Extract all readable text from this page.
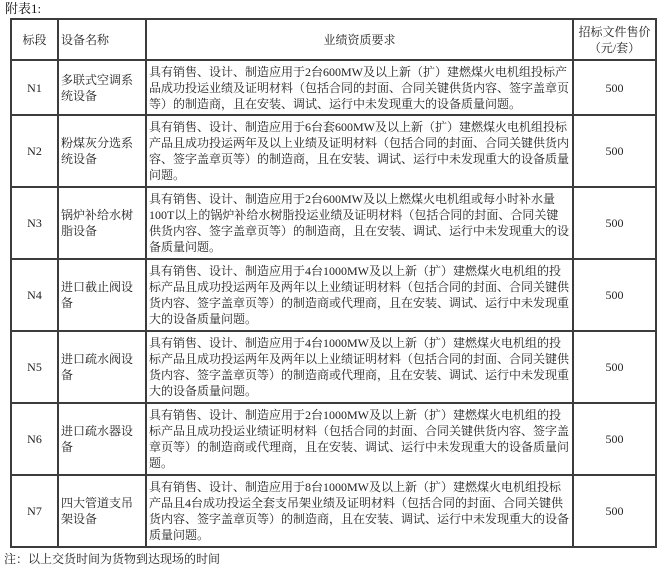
附表1:
标段	设备名称	业绩资质要求	招标文件售价
（元/套）

N1	多联式空调系统设备	具有销售、设计、制造应用于2台600MW及以上新（扩）建燃煤火电机组投标产品成功投运业绩及证明材料（包括合同的封面、合同关键供货内容、签字盖章页等）的制造商，且在安装、调试、运行中未发现重大的设备质量问题。	500
N2	粉煤灰分选系统设备	具有销售、设计、制造应用于6台套600MW及以上新（扩）建燃煤火电机组投标产品且成功投运两年及以上业绩及证明材料（包括合同的封面、合同关键供货内容、签字盖章页等）的制造商，且在安装、调试、运行中未发现重大的设备质量问题。	500
N3	锅炉补给水树脂设备	具有销售、设计、制造应用于2台600MW及以上燃煤火电机组或每小时补水量100T以上的锅炉补给水树脂投运业绩及证明材料（包括合同的封面、合同关键供货内容、签字盖章页等）的制造商，且在安装、调试、运行中未发现重大的设备质量问题。	500
N4	进口截止阀设备	具有销售、设计、制造应用于4台1000MW及以上新（扩）建燃煤火电机组的投标产品且成功投运两年及两年以上业绩证明材料（包括合同的封面、合同关键供货内容、签字盖章页等）的制造商或代理商，且在安装、调试、运行中未发现重大的设备质量问题。	500
N5	进口疏水阀设备	具有销售、设计、制造应用于4台1000MW及以上新（扩）建燃煤火电机组的投标产品且成功投运两年及两年以上业绩证明材料（包括合同的封面、合同关键供货内容、签字盖章页等）的制造商或代理商，且在安装、调试、运行中未发现重大的设备质量问题。	500
N6	进口疏水器设备	具有销售、设计、制造应用于2台1000MW及以上新（扩）建燃煤火电机组的投标产品且成功投运业绩证明材料（包括合同的封面、合同关键供货内容、签字盖章页等）的制造商或代理商，且在安装、调试、运行中未发现重大的设备质量问题。	500
N7	四大管道支吊架设备	具有销售、设计、制造应用于8台1000MW及以上新（扩）建燃煤火电机组投标产品且4台成功投运全套支吊架业绩及证明材料（包括合同的封面、合同关键供货内容、签字盖章页等）的制造商，且在安装、调试、运行中未发现重大的设备质量问题。	500
注：以上交货时间为货物到达现场的时间
